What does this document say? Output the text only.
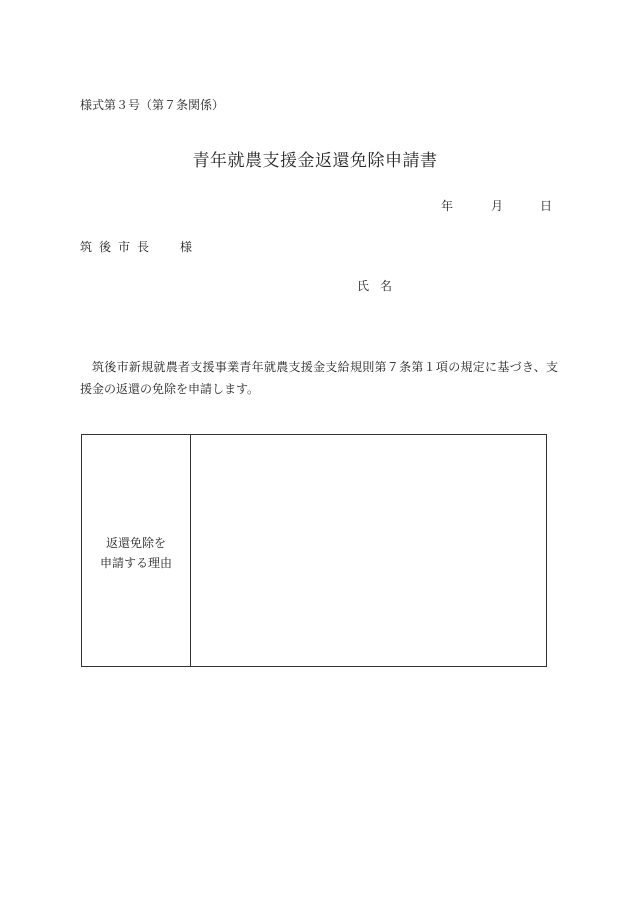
様式第３号（第７条関係）
青年就農支援金返還免除申請書
年	月	日
筑後市長 様
氏名
筑後市新規就農者支援事業青年就農支援金支給規則第７条第１項の規定に基づき、支援金の返還の免除を申請します。
返還免除を
申請する理由
